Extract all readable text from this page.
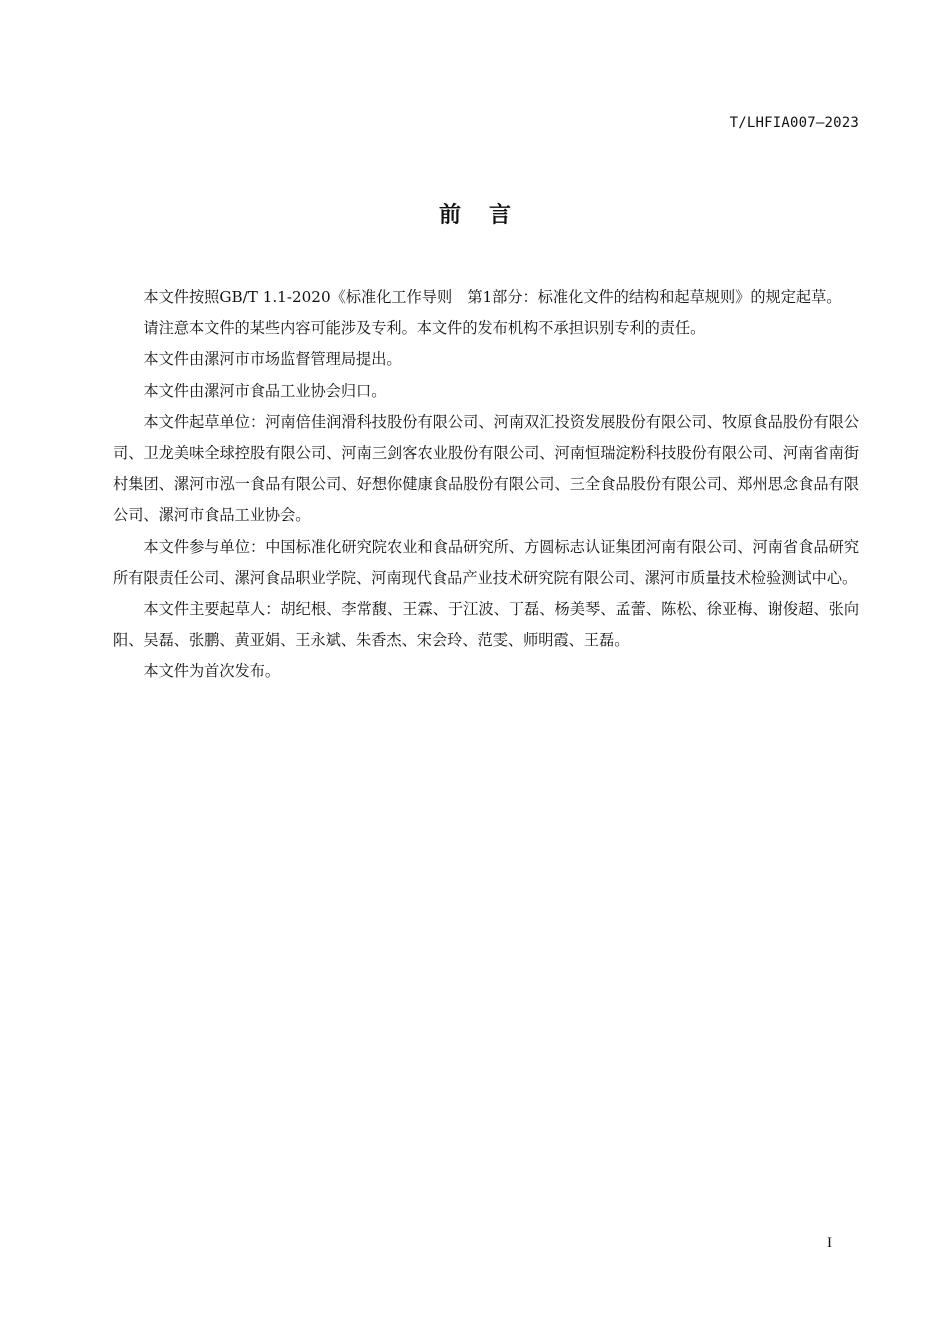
T/LHFIA007—2023
前言

本文件按照GB/T 1.1-2020《标准化工作导则　第1部分：标准化文件的结构和起草规则》的规定起草。

请注意本文件的某些内容可能涉及专利。本文件的发布机构不承担识别专利的责任。

本文件由漯河市市场监督管理局提出。

本文件由漯河市食品工业协会归口。

本文件起草单位：河南倍佳润滑科技股份有限公司、河南双汇投资发展股份有限公司、牧原食品股份有限公司、卫龙美味全球控股有限公司、河南三剑客农业股份有限公司、河南恒瑞淀粉科技股份有限公司、河南省南街村集团、漯河市泓一食品有限公司、好想你健康食品股份有限公司、三全食品股份有限公司、郑州思念食品有限公司、漯河市食品工业协会。

本文件参与单位：中国标准化研究院农业和食品研究所、方圆标志认证集团河南有限公司、河南省食品研究所有限责任公司、漯河食品职业学院、河南现代食品产业技术研究院有限公司、漯河市质量技术检验测试中心。

本文件主要起草人：胡纪根、李常馥、王霖、于江波、丁磊、杨美琴、孟蕾、陈松、徐亚梅、谢俊超、张向阳、吴磊、张鹏、黄亚娟、王永斌、朱香杰、宋会玲、范雯、师明霞、王磊。

本文件为首次发布。

I
